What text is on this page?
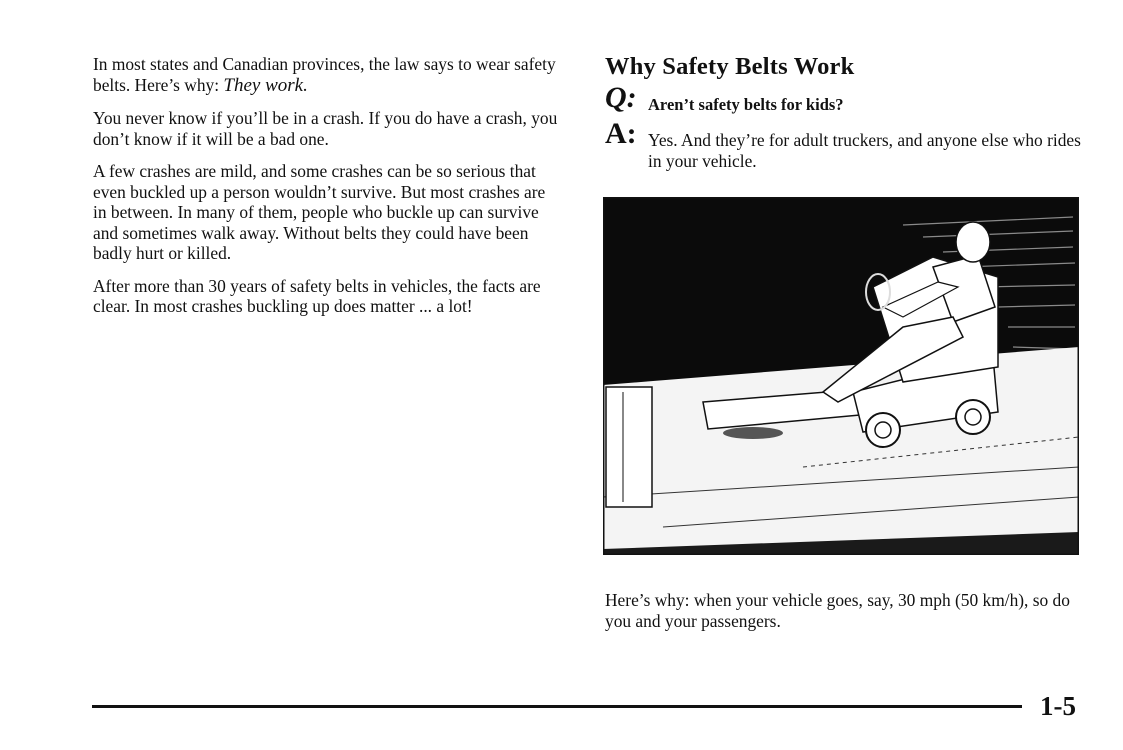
In most states and Canadian provinces, the law says to wear safety belts. Here’s why: They work.

You never know if you’ll be in a crash. If you do have a crash, you don’t know if it will be a bad one.

A few crashes are mild, and some crashes can be so serious that even buckled up a person wouldn’t survive. But most crashes are in between. In many of them, people who buckle up can survive and sometimes walk away. Without belts they could have been badly hurt or killed.

After more than 30 years of safety belts in vehicles, the facts are clear. In most crashes buckling up does matter ... a lot!

Why Safety Belts Work
Q: Aren’t safety belts for kids?
A: Yes. And they’re for adult truckers, and anyone else who rides in your vehicle.
Here’s why: when your vehicle goes, say, 30 mph (50 km/h), so do you and your passengers.
1-5
